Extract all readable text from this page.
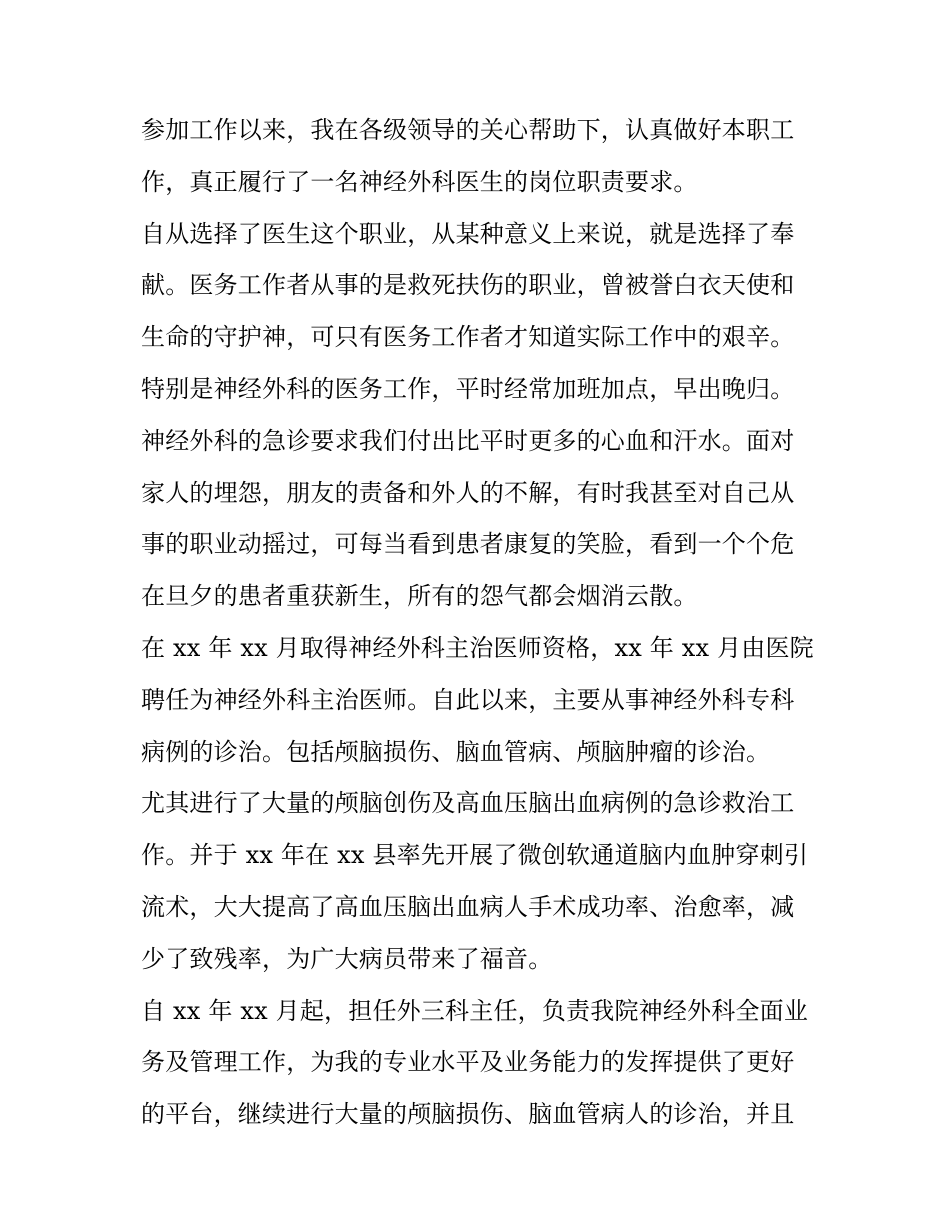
参加工作以来，我在各级领导的关心帮助下，认真做好本职工
作，真正履行了一名神经外科医生的岗位职责要求。
自从选择了医生这个职业，从某种意义上来说，就是选择了奉
献。医务工作者从事的是救死扶伤的职业，曾被誉白衣天使和
生命的守护神，可只有医务工作者才知道实际工作中的艰辛。
特别是神经外科的医务工作，平时经常加班加点，早出晚归。
神经外科的急诊要求我们付出比平时更多的心血和汗水。面对
家人的埋怨，朋友的责备和外人的不解，有时我甚至对自己从
事的职业动摇过，可每当看到患者康复的笑脸，看到一个个危
在旦夕的患者重获新生，所有的怨气都会烟消云散。
在 xx 年 xx 月取得神经外科主治医师资格，xx 年 xx 月由医院
聘任为神经外科主治医师。自此以来，主要从事神经外科专科
病例的诊治。包括颅脑损伤、脑血管病、颅脑肿瘤的诊治。
尤其进行了大量的颅脑创伤及高血压脑出血病例的急诊救治工
作。并于 xx 年在 xx 县率先开展了微创软通道脑内血肿穿刺引
流术，大大提高了高血压脑出血病人手术成功率、治愈率，减
少了致残率，为广大病员带来了福音。
自 xx 年 xx 月起，担任外三科主任，负责我院神经外科全面业
务及管理工作，为我的专业水平及业务能力的发挥提供了更好
的平台，继续进行大量的颅脑损伤、脑血管病人的诊治，并且
